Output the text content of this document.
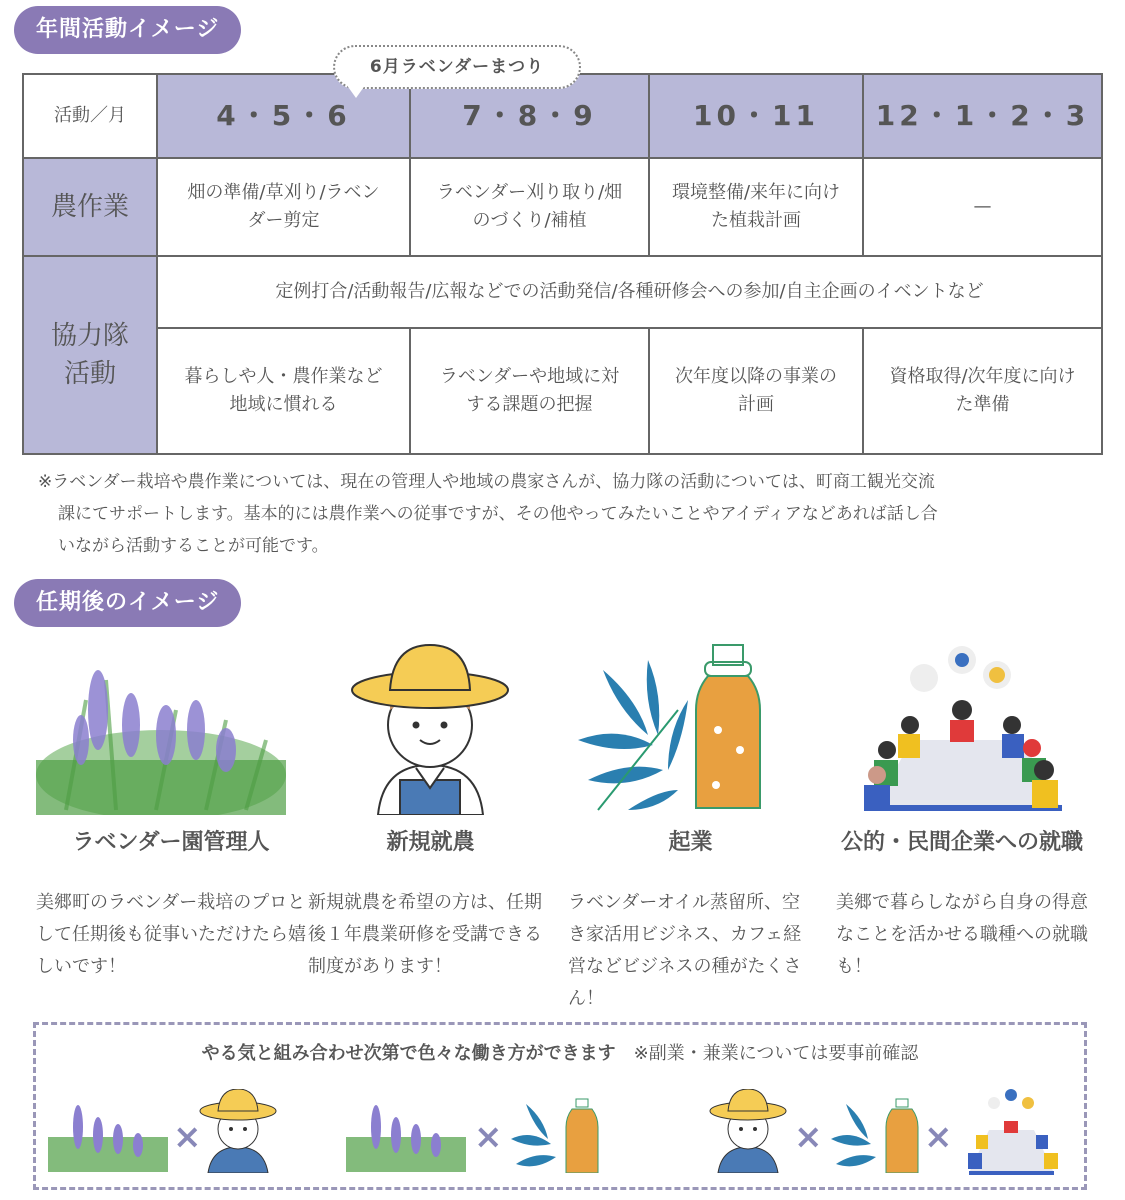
年間活動イメージ
6月ラベンダーまつり
活動／月	4・5・6	7・8・9	10・11	12・1・2・3
農作業	畑の準備/草刈り/ラベンダー剪定	ラベンダー刈り取り/畑のづくり/補植	環境整備/来年に向けた植栽計画	—

協力隊
活動	定例打合/活動報告/広報などでの活動発信/各種研修会への参加/自主企画のイベントなど			

	暮らしや人・農作業など地域に慣れる	ラベンダーや地域に対する課題の把握	次年度以降の事業の計画	資格取得/次年度に向けた準備
※ラベンダー栽培や農作業については、現在の管理人や地域の農家さんが、協力隊の活動については、町商工観光交流
課にてサポートします。基本的には農作業への従事ですが、その他やってみたいことやアイディアなどあれば話し合
いながら活動することが可能です。
任期後のイメージ
ラベンダー園管理人

美郷町のラベンダー栽培のプロとして任期後も従事いただけたら嬉しいです！

新規就農

新規就農を希望の方は、任期後１年農業研修を受講できる制度があります！

起業

ラベンダーオイル蒸留所、空き家活用ビジネス、カフェ経営などビジネスの種がたくさん！

公的・民間企業への就職

美郷で暮らしながら自身の得意なことを活かせる職種への就職も！

やる気と組み合わせ次第で色々な働き方ができます ※副業・兼業については要事前確認
×	×	×	×
